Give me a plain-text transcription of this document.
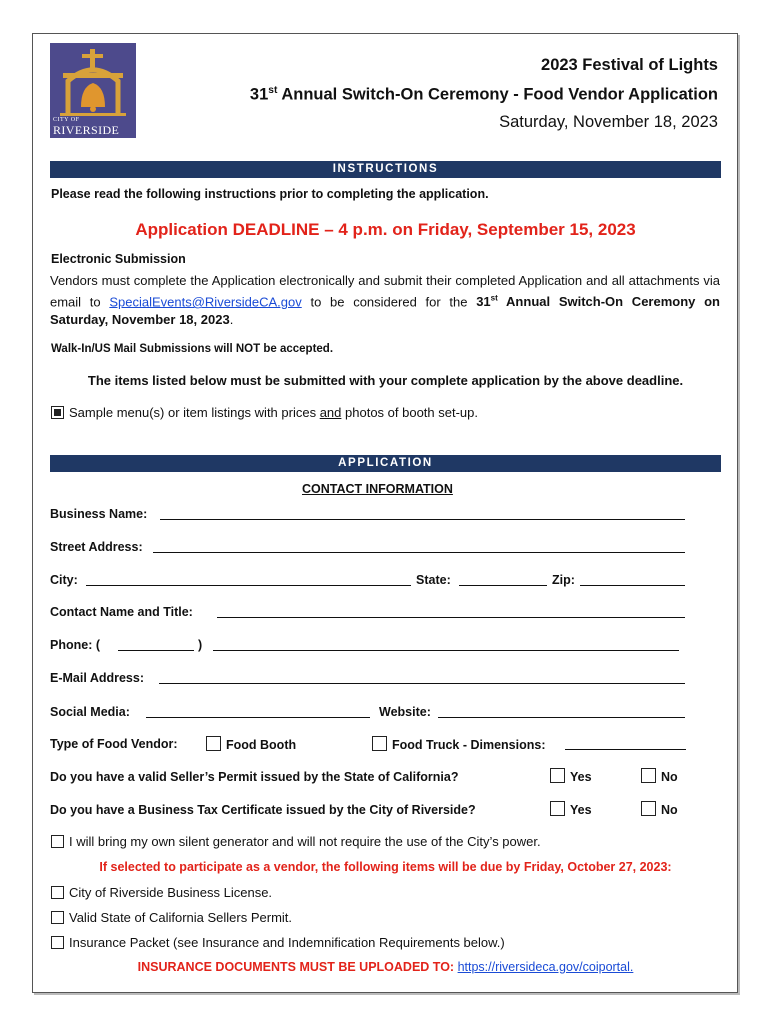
CITY OF
RIVERSIDE
2023 Festival of Lights
31st Annual Switch-On Ceremony - Food Vendor Application
Saturday, November 18, 2023
INSTRUCTIONS
Please read the following instructions prior to completing the application.
Application DEADLINE – 4 p.m. on Friday, September 15, 2023
Electronic Submission
Vendors must complete the Application electronically and submit their completed Application and all attachments via email to SpecialEvents@RiversideCA.gov to be considered for the 31st Annual Switch-On Ceremony on Saturday, November 18, 2023.
Walk-In/US Mail Submissions will NOT be accepted.
The items listed below must be submitted with your complete application by the above deadline.
Sample menu(s) or item listings with prices and photos of booth set-up.
APPLICATION
CONTACT INFORMATION
Business Name:
Street Address:
City:	State:	Zip:
Contact Name and Title:
Phone: (	)
E-Mail Address:
Social Media:	Website:
Type of Food Vendor:	Food Booth	Food Truck - Dimensions:
Do you have a valid Seller’s Permit issued by the State of California?	Yes	No
Do you have a Business Tax Certificate issued by the City of Riverside?	Yes	No
I will bring my own silent generator and will not require the use of the City’s power.
If selected to participate as a vendor, the following items will be due by Friday, October 27, 2023:
City of Riverside Business License.
Valid State of California Sellers Permit.
Insurance Packet (see Insurance and Indemnification Requirements below.)
INSURANCE DOCUMENTS MUST BE UPLOADED TO: https://riversideca.gov/coiportal.
